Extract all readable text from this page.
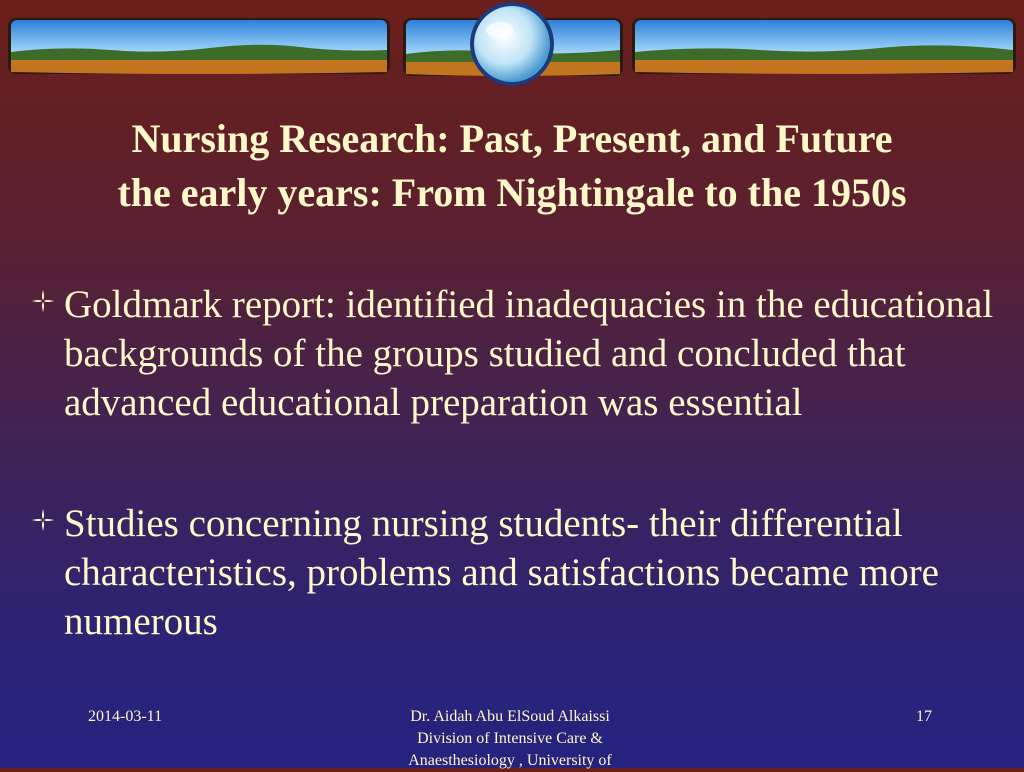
Nursing Research: Past, Present, and Future
the early years: From Nightingale to the 1950s
Goldmark report: identified inadequacies in the educational backgrounds of the groups studied and concluded that advanced educational preparation was essential
Studies concerning nursing students- their differential characteristics, problems and satisfactions became more numerous
2014-03-11	Dr. Aidah Abu ElSoud Alkaissi
Division of Intensive Care &
Anaesthesiology , University of
17
